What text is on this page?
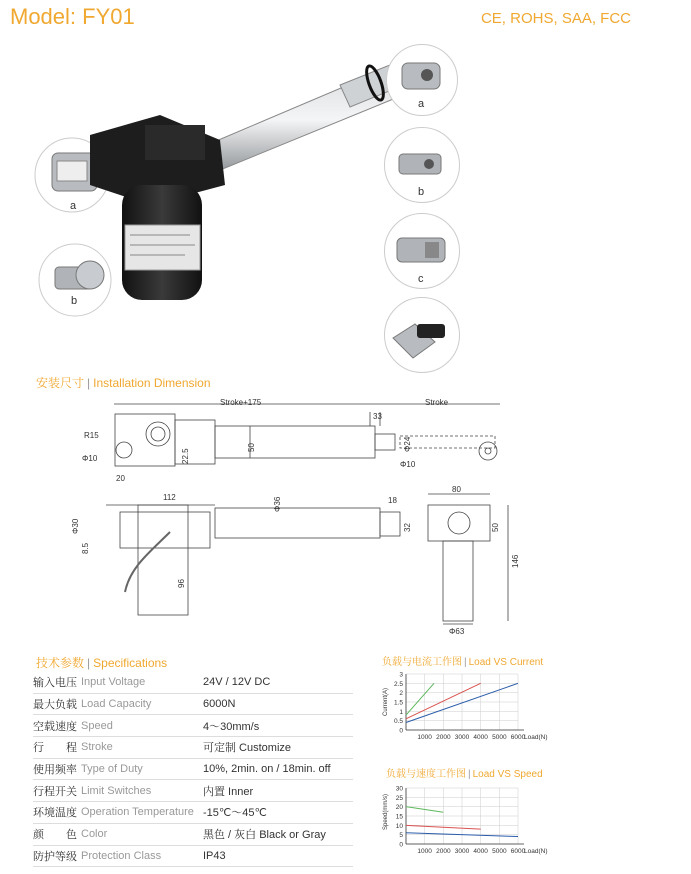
Model: FY01	CE, ROHS, SAA, FCC
a
b
a
b
c
安装尺寸 | Installation Dimension
Stroke+175	Stroke
33
R15
Φ10
20
22.5
50	Φ24
Φ10
112	Φ36	18
80
Φ30
8.5
96
32	50
146
Φ63
技术参数 | Specifications
输入电压	Input Voltage	24V / 12V DC
最大负载	Load Capacity	6000N
空载速度	Speed	4～30mm/s
行　　程	Stroke	可定制 Customize
使用频率	Type of Duty	10%, 2min. on / 18min. off
行程开关	Limit Switches	内置 Inner
环境温度	Operation Temperature	-15℃～45℃
颜　　色	Color	黑色 / 灰白 Black or Gray
防护等级	Protection Class	IP43
负载与电流工作图 | Load VS Current
3
2.5
2
1.5
1
0.5
0
1000 2000 3000 4000 5000 6000
Load(N)
Current(A)
负载与速度工作图 | Load VS Speed
30
25
20
15
10
5
0
1000 2000 3000 4000 5000 6000
Load(N)
Speed(mm/s)
